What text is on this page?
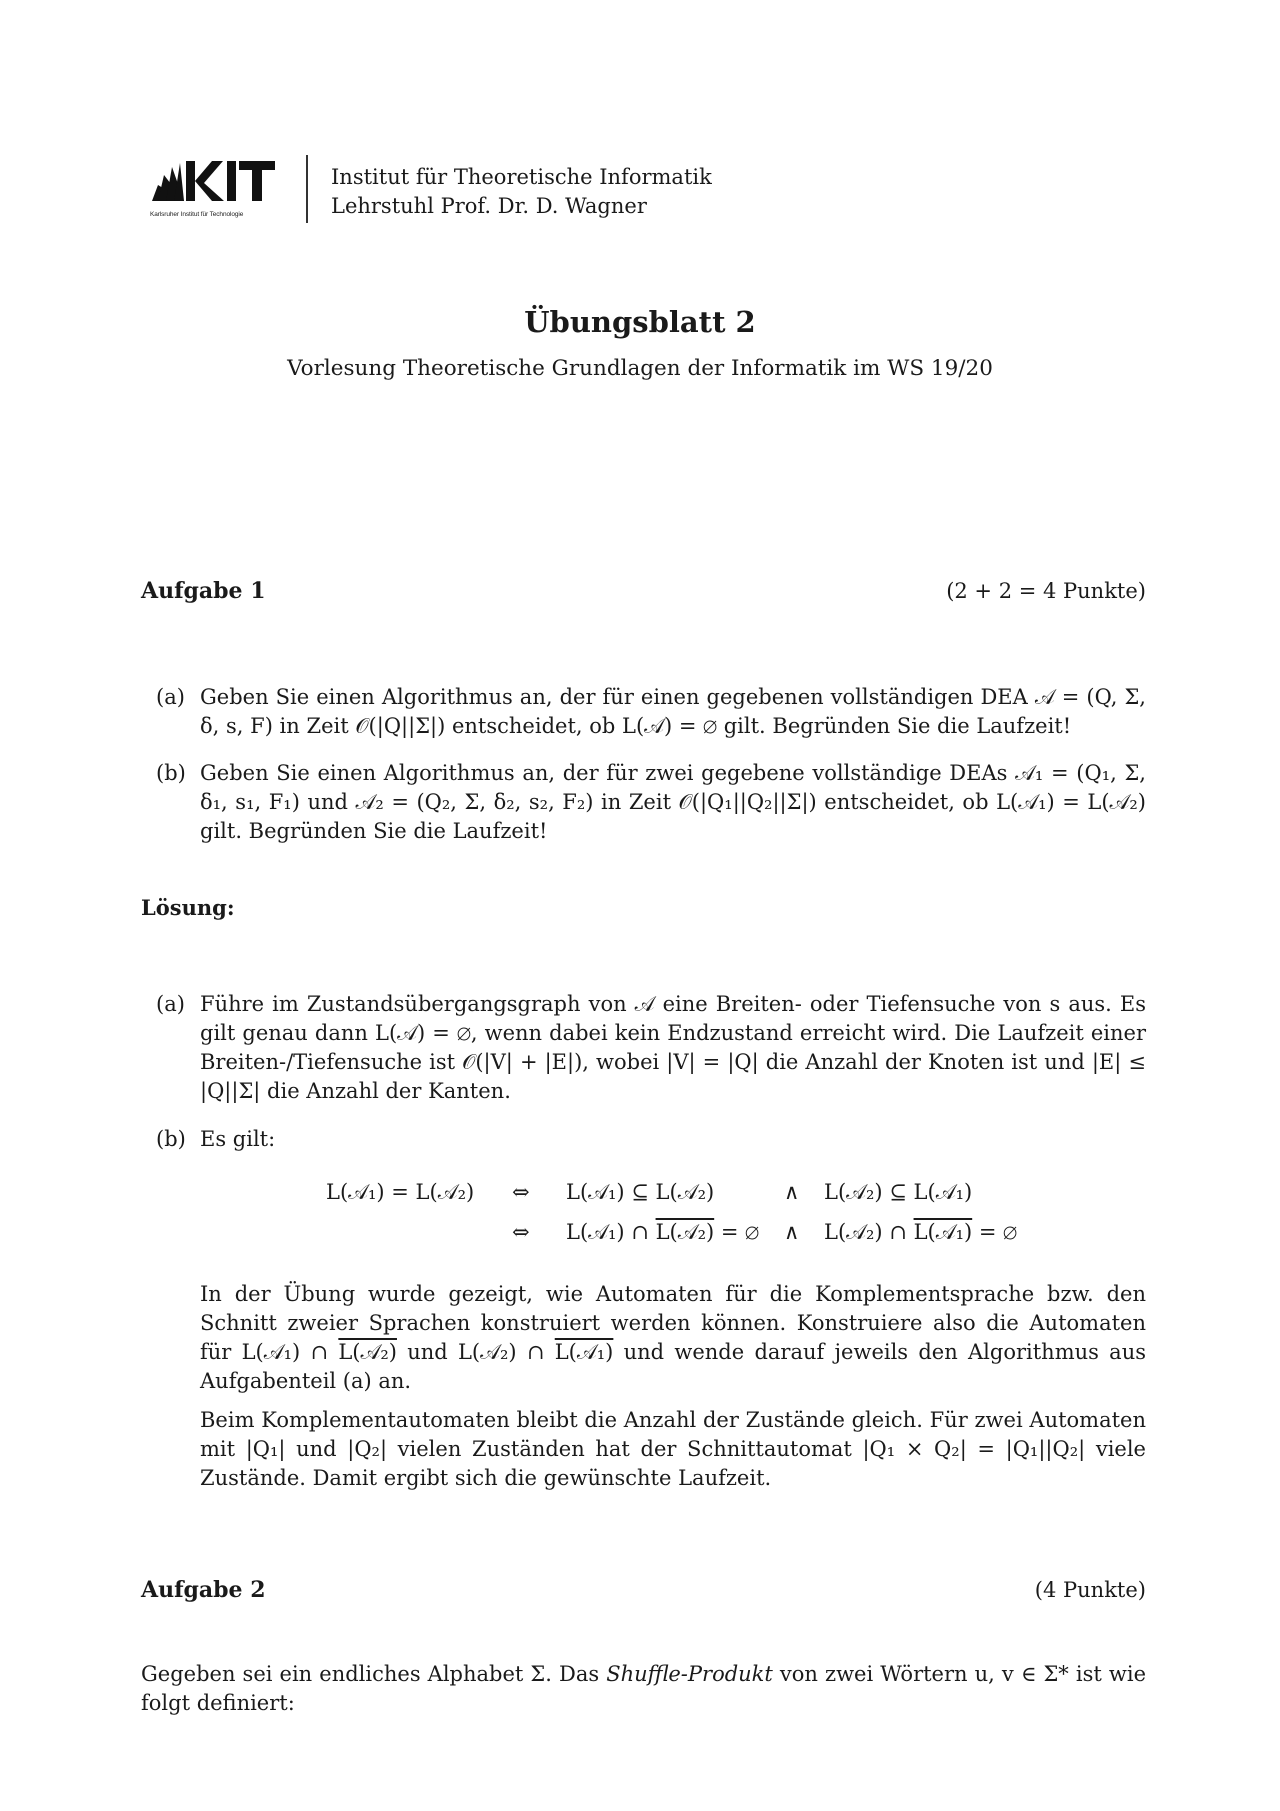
Karlsruher Institut für Technologie
Institut für Theoretische Informatik
Lehrstuhl Prof. Dr. D. Wagner
Übungsblatt 2
Vorlesung Theoretische Grundlagen der Informatik im WS 19/20
Aufgabe 1	(2 + 2 = 4 Punkte)
(a) Geben Sie einen Algorithmus an, der für einen gegebenen vollständigen DEA 𝒜 = (Q, Σ, δ, s, F) in Zeit 𝒪(|Q||Σ|) entscheidet, ob L(𝒜) = ∅ gilt. Begründen Sie die Laufzeit!
(b) Geben Sie einen Algorithmus an, der für zwei gegebene vollständige DEAs 𝒜₁ = (Q₁, Σ, δ₁, s₁, F₁) und 𝒜₂ = (Q₂, Σ, δ₂, s₂, F₂) in Zeit 𝒪(|Q₁||Q₂||Σ|) entscheidet, ob L(𝒜₁) = L(𝒜₂) gilt. Begründen Sie die Laufzeit!
Lösung:
(a) Führe im Zustandsübergangsgraph von 𝒜 eine Breiten- oder Tiefensuche von s aus. Es gilt genau dann L(𝒜) = ∅, wenn dabei kein Endzustand erreicht wird. Die Laufzeit einer Breiten-/Tiefensuche ist 𝒪(|V| + |E|), wobei |V| = |Q| die Anzahl der Knoten ist und |E| ≤ |Q||Σ| die Anzahl der Kanten.
(b) Es gilt:
L(𝒜₁) = L(𝒜₂) ⇔ L(𝒜₁) ⊆ L(𝒜₂)	∧ L(𝒜₂) ⊆ L(𝒜₁)
⇔ L(𝒜₁) ∩ L(𝒜₂) = ∅ ∧ L(𝒜₂) ∩ L(𝒜₁) = ∅
In der Übung wurde gezeigt, wie Automaten für die Komplementsprache bzw. den Schnitt zweier Sprachen konstruiert werden können. Konstruiere also die Automaten für L(𝒜₁) ∩ L(𝒜₂) und L(𝒜₂) ∩ L(𝒜₁) und wende darauf jeweils den Algorithmus aus Aufgabenteil (a) an.
Beim Komplementautomaten bleibt die Anzahl der Zustände gleich. Für zwei Automaten mit |Q₁| und |Q₂| vielen Zuständen hat der Schnittautomat |Q₁ × Q₂| = |Q₁||Q₂| viele Zustände. Damit ergibt sich die gewünschte Laufzeit.
Aufgabe 2	(4 Punkte)
Gegeben sei ein endliches Alphabet Σ. Das Shuffle-Produkt von zwei Wörtern u, v ∈ Σ* ist wie folgt definiert:
